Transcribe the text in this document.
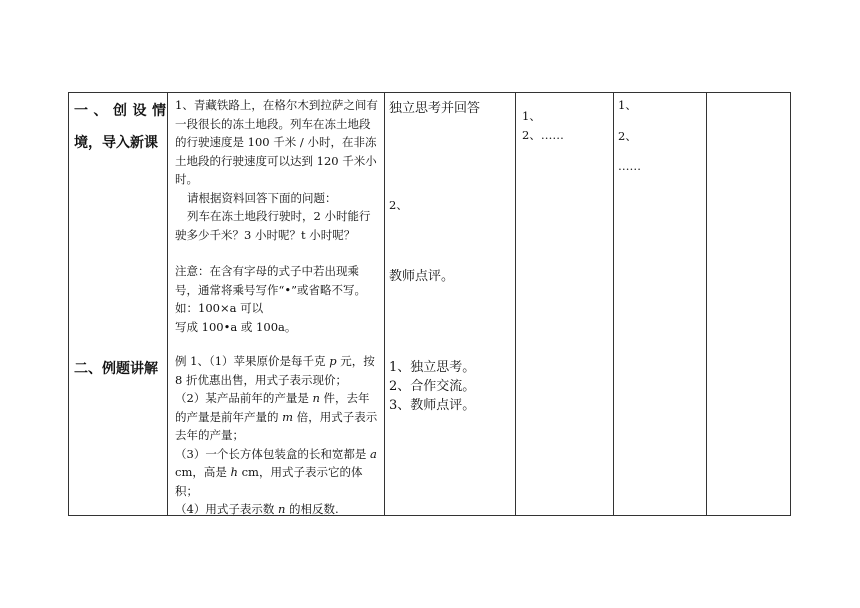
一 、 创 设 情
境，导入新课
二、例题讲解
1、青藏铁路上，在格尔木到拉萨之间有一段很长的冻土地段。列车在冻土地段的行驶速度是 100 千米 / 小时，在非冻土地段的行驶速度可以达到 120 千米小时。
请根据资料回答下面的问题：
列车在冻土地段行驶时，2 小时能行驶多少千米？3 小时呢？t 小时呢？
注意：在含有字母的式子中若出现乘号，通常将乘号写作“•”或省略不写。如：100×a 可以
写成 100•a 或 100a。
例 1、（1）苹果原价是每千克 p 元，按 8 折优惠出售，用式子表示现价；
（2）某产品前年的产量是 n 件，去年的产量是前年产量的 m 倍，用式子表示去年的产量；
（3）一个长方体包装盒的长和宽都是 a cm，高是 h cm，用式子表示它的体积；
（4）用式子表示数 n 的相反数.
独立思考并回答
2、
教师点评。
1、独立思考。
2、合作交流。
3、教师点评。
1、
2、……
1、
2、
……
